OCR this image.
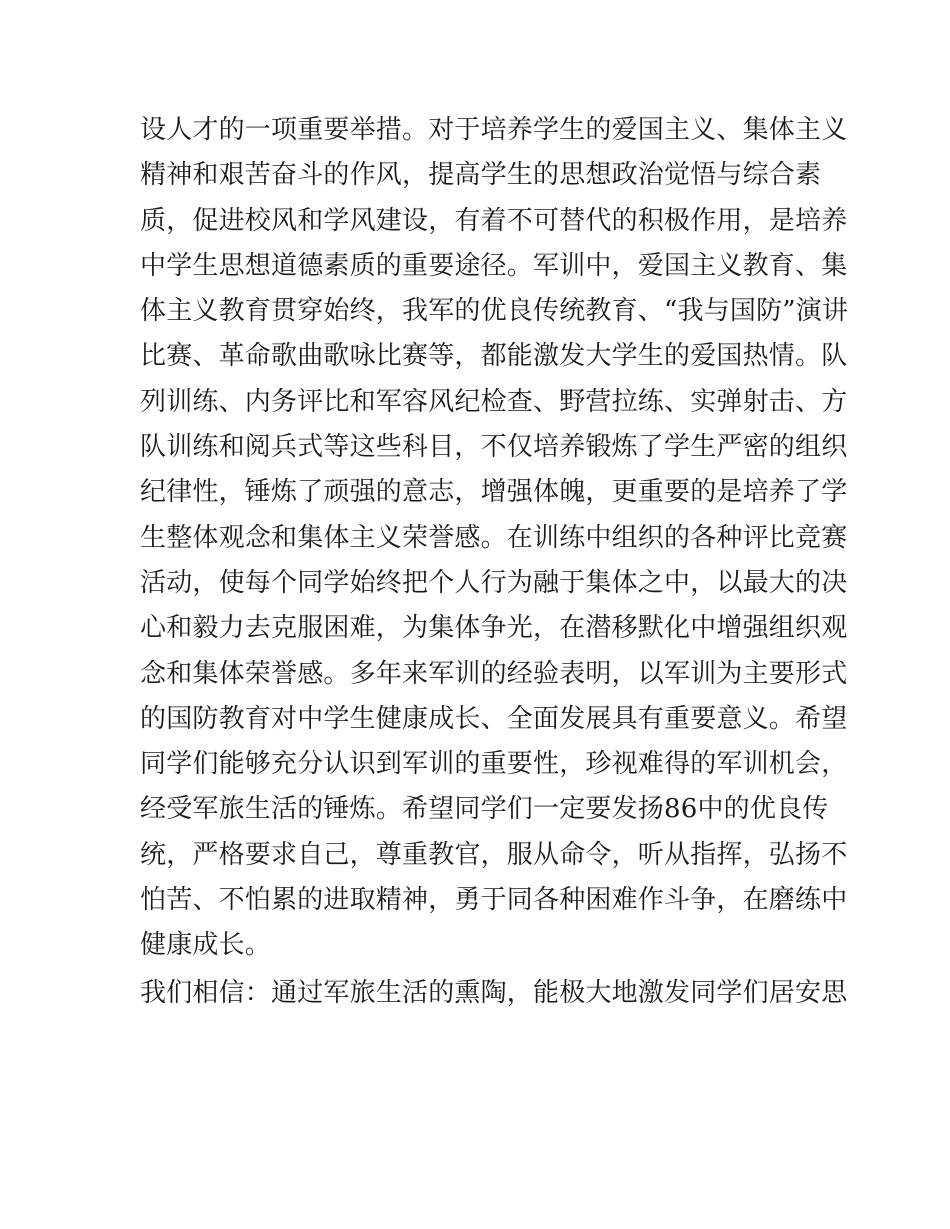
设人才的一项重要举措。对于培养学生的爱国主义、集体主义
精神和艰苦奋斗的作风，提高学生的思想政治觉悟与综合素
质，促进校风和学风建设，有着不可替代的积极作用，是培养
中学生思想道德素质的重要途径。军训中，爱国主义教育、集
体主义教育贯穿始终，我军的优良传统教育、“我与国防”演讲
比赛、革命歌曲歌咏比赛等，都能激发大学生的爱国热情。队
列训练、内务评比和军容风纪检查、野营拉练、实弹射击、方
队训练和阅兵式等这些科目，不仅培养锻炼了学生严密的组织
纪律性，锤炼了顽强的意志，增强体魄，更重要的是培养了学
生整体观念和集体主义荣誉感。在训练中组织的各种评比竞赛
活动，使每个同学始终把个人行为融于集体之中，以最大的决
心和毅力去克服困难，为集体争光，在潜移默化中增强组织观
念和集体荣誉感。多年来军训的经验表明，以军训为主要形式
的国防教育对中学生健康成长、全面发展具有重要意义。希望
同学们能够充分认识到军训的重要性，珍视难得的军训机会，
经受军旅生活的锤炼。希望同学们一定要发扬86中的优良传
统，严格要求自己，尊重教官，服从命令，听从指挥，弘扬不
怕苦、不怕累的进取精神，勇于同各种困难作斗争，在磨练中
健康成长。
我们相信：通过军旅生活的熏陶，能极大地激发同学们居安思
